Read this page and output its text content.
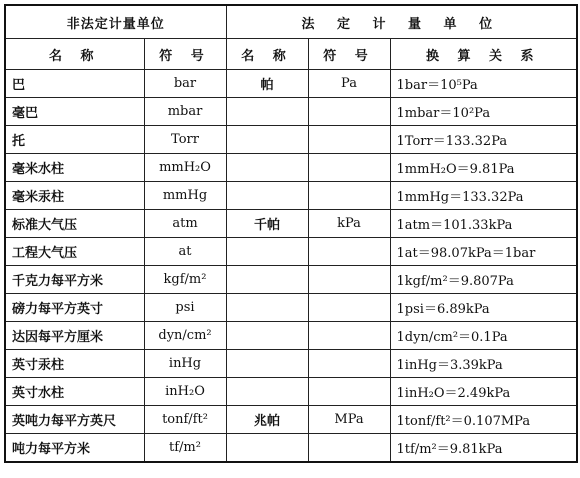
非法定计量单位		法 定 计 量 单 位		
名 称	符 号	名 称	符 号	换 算 关 系
巴	bar	帕	Pa	1bar＝10⁵Pa
毫巴	mbar			1mbar＝10²Pa
托	Torr			1Torr＝133.32Pa
毫米水柱	mmH₂O			1mmH₂O＝9.81Pa
毫米汞柱	mmHg			1mmHg＝133.32Pa
标准大气压	atm	千帕	kPa	1atm＝101.33kPa
工程大气压	at			1at＝98.07kPa＝1bar
千克力每平方米	kgf/m²			1kgf/m²＝9.807Pa
磅力每平方英寸	psi			1psi＝6.89kPa
达因每平方厘米	dyn/cm²			1dyn/cm²＝0.1Pa
英寸汞柱	inHg			1inHg＝3.39kPa
英寸水柱	inH₂O			1inH₂O＝2.49kPa
英吨力每平方英尺	tonf/ft²	兆帕	MPa	1tonf/ft²＝0.107MPa
吨力每平方米	tf/m²			1tf/m²＝9.81kPa
